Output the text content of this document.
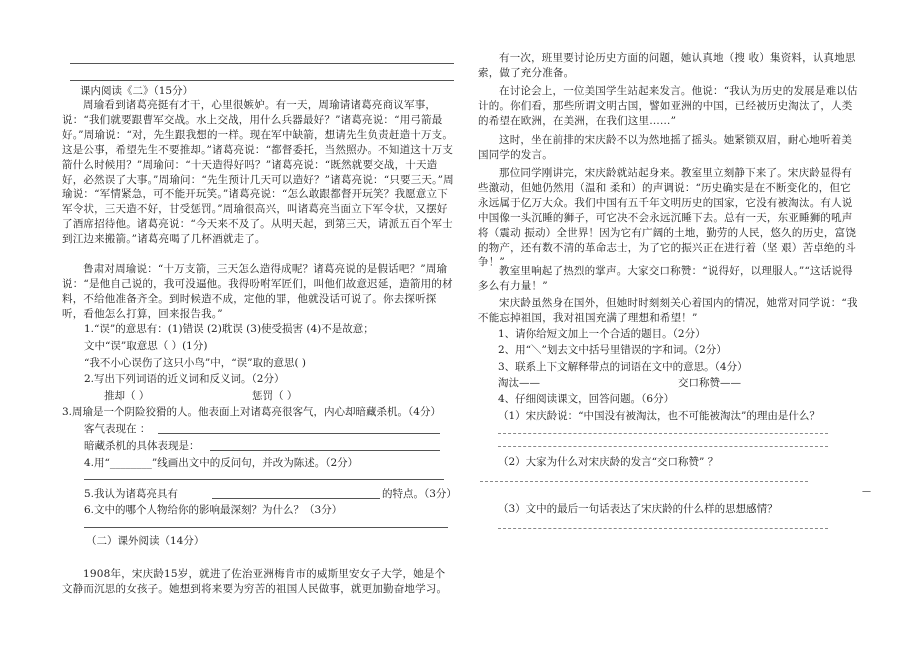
课内阅读《二》（15分）
周瑜看到诸葛亮挺有才干，心里很嫉妒。有一天，周瑜请诸葛亮商议军事，说：“我们就要跟曹军交战。水上交战，用什么兵器最好？”诸葛亮说：“用弓箭最好。”周瑜说：“对，先生跟我想的一样。现在军中缺箭，想请先生负责赶造十万支。这是公事，希望先生不要推却。”诸葛亮说：“都督委托，当然照办。不知道这十万支箭什么时候用？”周瑜问：“十天造得好吗？”诸葛亮说：“既然就要交战，十天造好，必然误了大事。”周瑜问：“先生预计几天可以造好？”诸葛亮说：“只要三天。”周瑜说：“军情紧急，可不能开玩笑。”诸葛亮说：“怎么敢跟都督开玩笑？我愿意立下军令状，三天造不好，甘受惩罚。”周瑜很高兴，叫诸葛亮当面立下军令状，又摆好了酒席招待他。诸葛亮说：“今天来不及了。从明天起，到第三天，请派五百个军士到江边来搬箭。”诸葛亮喝了几杯酒就走了。
鲁肃对周瑜说：“十万支箭，三天怎么造得成呢？诸葛亮说的是假话吧？”周瑜说：“是他自己说的，我可没逼他。我得吩咐军匠们，叫他们故意迟延，造箭用的材料，不给他准备齐全。到时候造不成，定他的罪，他就没话可说了。你去探听探听，看他怎么打算，回来报告我。”
1.“误”的意思有：(1)错误 (2)耽误 (3)使受损害 (4)不是故意；
文中“误”取意思（ ）(1分)
“我不小心误伤了这只小鸟”中，“误”取的意思( )
2.写出下列词语的近义词和反义词。（2分）
推却（ ）	惩罚（ ）
3.周瑜是一个阴险狡猾的人。他表面上对诸葛亮很客气，内心却暗藏杀机。（4分）
客气表现在 ：
暗藏杀机的具体表现是：
4.用“________”线画出文中的反问句，并改为陈述。（2分）
5.我认为诸葛亮具有	的特点。（3分）
6.文中的哪个人物给你的影响最深刻？为什么？（3分）
（二）课外阅读（14分）
1908年，宋庆龄15岁，就进了佐治亚洲梅肯市的威斯里安女子大学，她是个文静而沉思的女孩子。她想到将来要为穷苦的祖国人民做事，就更加勤奋地学习。
有一次，班里要讨论历史方面的问题，她认真地（搜 收）集资料，认真地思索，做了充分准备。
在讨论会上，一位美国学生站起来发言。他说：“我认为历史的发展是难以估计的。你们看，那些所谓文明古国，譬如亚洲的中国，已经被历史淘汰了，人类的希望在欧洲，在美洲，在我们这里……”
这时，坐在前排的宋庆龄不以为然地摇了摇头。她紧锁双眉，耐心地听着美国同学的发言。
那位同学刚讲完，宋庆龄就站起身来。教室里立刻静下来了。宋庆龄显得有些激动，但她仍然用（温和 柔和）的声调说：“历史确实是在不断变化的，但它永远属于亿万大众。我们中国有五千年文明历史的国家，它没有被淘汰。有人说中国像一头沉睡的狮子，可它决不会永远沉睡下去。总有一天，东亚睡狮的吼声将（震动 振动）全世界！因为它有广阔的土地，勤劳的人民，悠久的历史，富饶的物产，还有数不清的革命志士，为了它的振兴正在进行着（坚 艰）苦卓绝的斗争！”
教室里响起了热烈的掌声。大家交口称赞：“说得好，以理服人。”“这话说得多么有力量！”
宋庆龄虽然身在国外，但她时时刻刻关心着国内的情况，她常对同学说：“我不能忘掉祖国，我对祖国充满了理想和希望！”
1、请你给短文加上一个合适的题目。（2分）
2、用“＼”划去文中括号里错误的字和词。（2分）
3、联系上下文解释带点的词语在文中的意思。（4分）
淘汰——	交口称赞——
4、仔细阅读课文，回答问题。（6分）
（1）宋庆龄说：“中国没有被淘汰，也不可能被淘汰”的理由是什么？
（2）大家为什么对宋庆龄的发言“交口称赞” ？
—
（3）文中的最后一句话表达了宋庆龄的什么样的思想感情？
